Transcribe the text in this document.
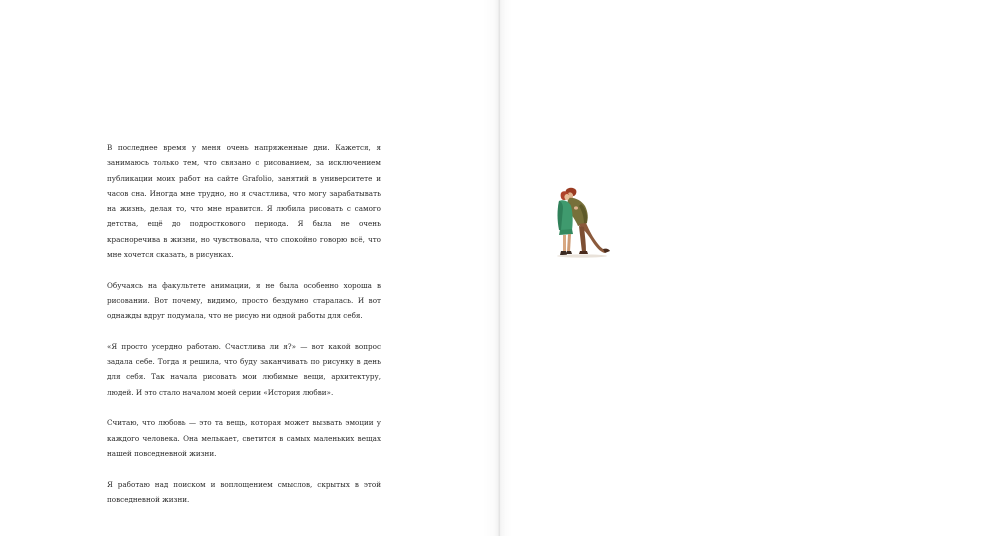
В последнее время у меня очень напряженные дни. Кажется, я занимаюсь только тем, что связано с рисованием, за исключением публикации моих работ на сайте Grafolio, занятий в университете и часов сна. Иногда мне трудно, но я счастлива, что могу зарабатывать на жизнь, делая то, что мне нравится. Я любила рисовать с самого детства, ещё до подросткового периода. Я была не очень красноречива в жизни, но чувствовала, что спокойно говорю всё, что мне хочется сказать, в рисунках.

Обучаясь на факультете анимации, я не была особенно хороша в рисовании. Вот почему, видимо, просто бездумно старалась. И вот однажды вдруг подумала, что не рисую ни одной работы для себя.

«Я просто усердно работаю. Счастлива ли я?» — вот какой вопрос задала себе. Тогда я решила, что буду заканчивать по рисунку в день для себя. Так начала рисовать мои любимые вещи, архитектуру, людей. И это стало началом моей серии «История любви».

Считаю, что любовь — это та вещь, которая может вызвать эмоции у каждого человека. Она мелькает, светится в самых маленьких вещах нашей повседневной жизни.

Я работаю над поиском и воплощением смыслов, скрытых в этой повседневной жизни.
